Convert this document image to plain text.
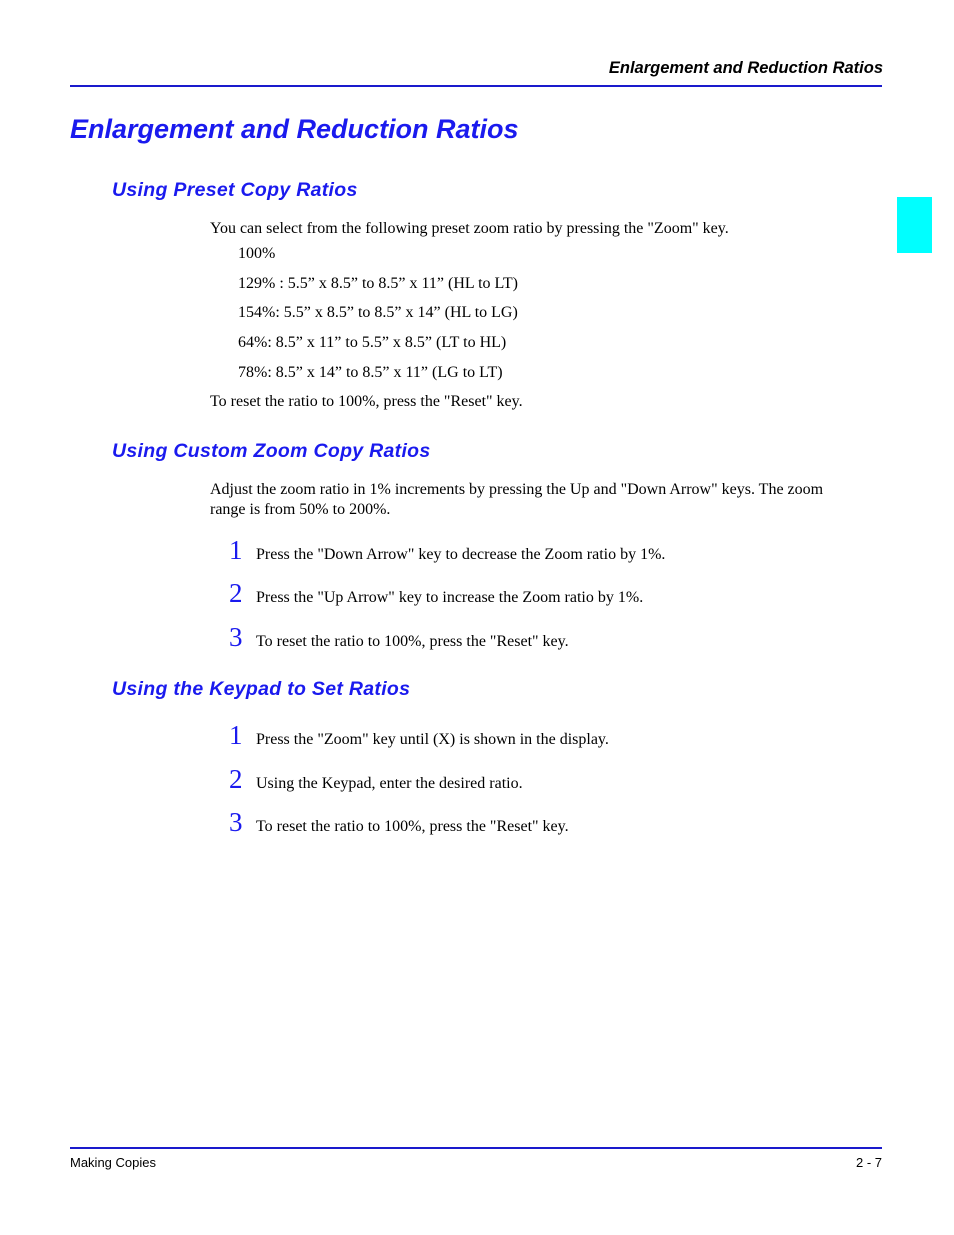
Enlargement and Reduction Ratios
Enlargement and Reduction Ratios
Using Preset Copy Ratios
You can select from the following preset zoom ratio by pressing the "Zoom" key.
100%
129% : 5.5” x 8.5” to 8.5” x 11” (HL to LT)
154%: 5.5” x 8.5” to 8.5” x 14” (HL to LG)
64%: 8.5” x 11” to 5.5” x 8.5” (LT to HL)
78%: 8.5” x 14” to 8.5” x 11” (LG to LT)
To reset the ratio to 100%, press the "Reset" key.
Using Custom Zoom Copy Ratios
Adjust the zoom ratio in 1% increments by pressing the Up and "Down Arrow" keys. The zoom range is from 50% to 200%.
1 Press the "Down Arrow" key to decrease the Zoom ratio by 1%.
2 Press the "Up Arrow" key to increase the Zoom ratio by 1%.
3 To reset the ratio to 100%, press the "Reset" key.
Using the Keypad to Set Ratios
1 Press the "Zoom" key until (X) is shown in the display.
2 Using the Keypad, enter the desired ratio.
3 To reset the ratio to 100%, press the "Reset" key.
Making Copies	2 - 7
